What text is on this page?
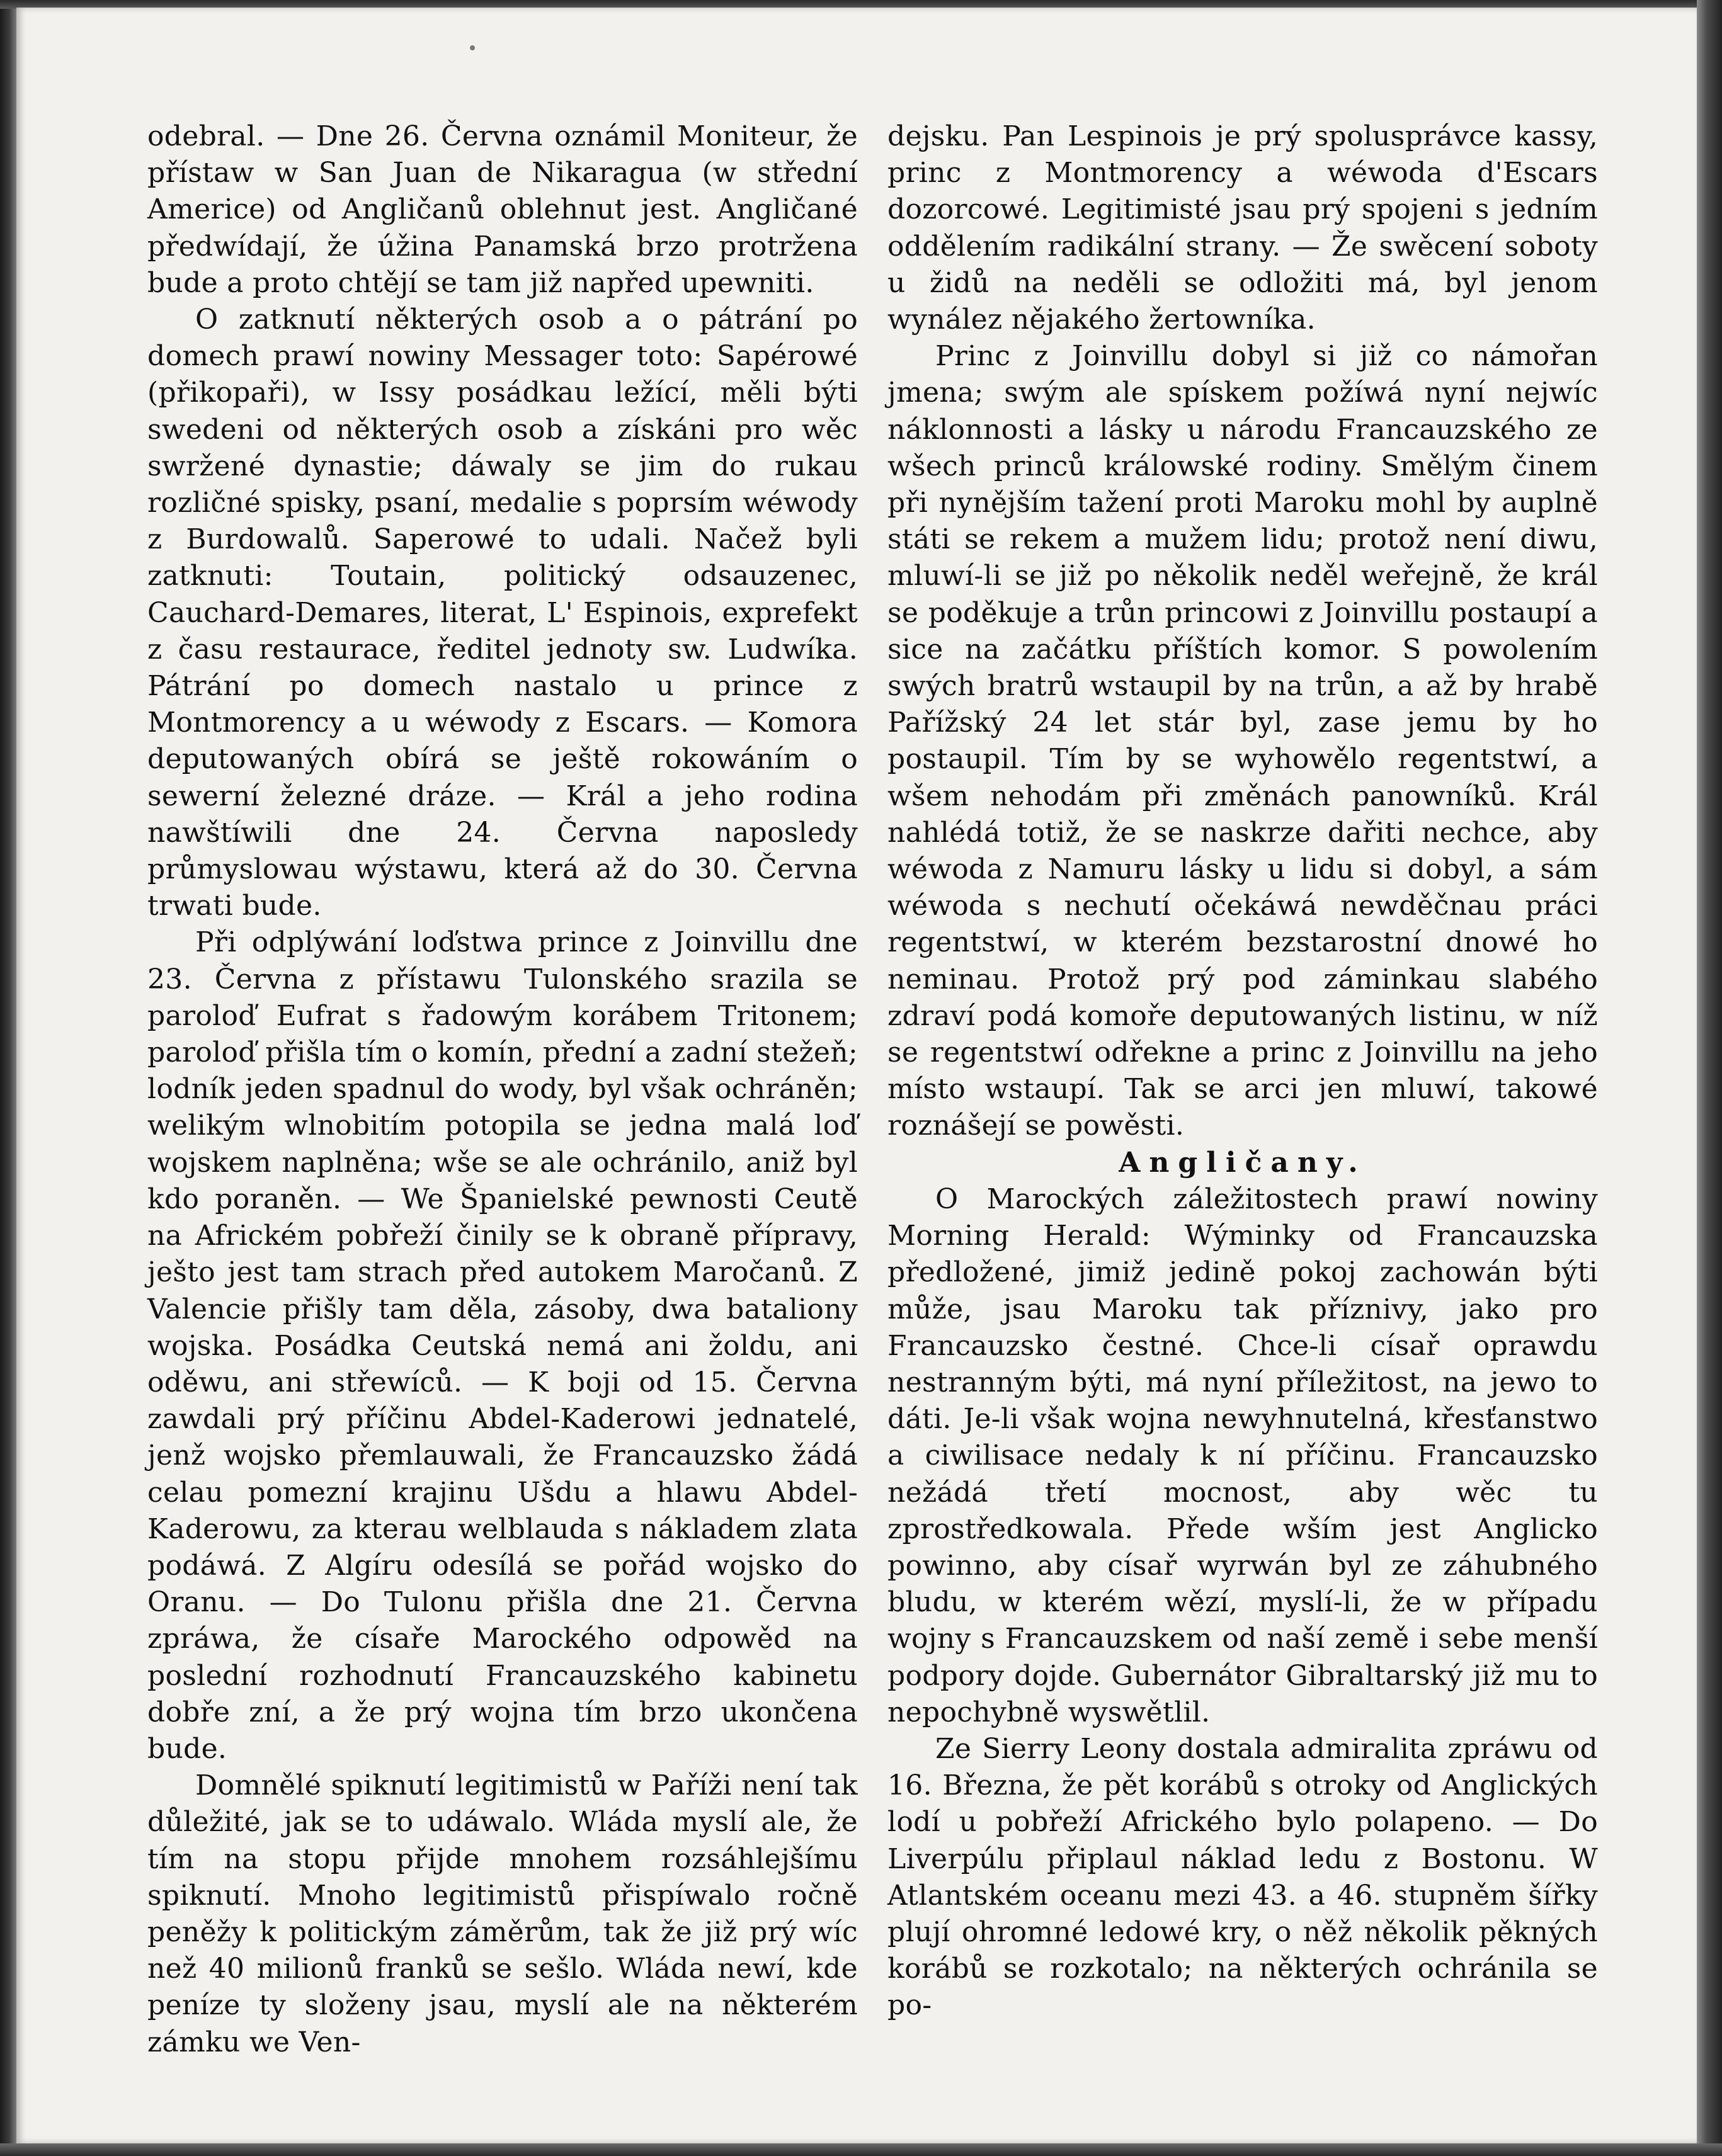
odebral. — Dne 26. Června oznámil Moniteur, že přístaw w San Juan de Nikaragua (w střední Americe) od Angličanů oblehnut jest. Angličané předwídají, že úžina Panamská brzo protržena bude a proto chtějí se tam již napřed upewniti.

O zatknutí některých osob a o pátrání po domech prawí nowiny Messager toto: Sapérowé (přikopaři), w Issy posádkau ležící, měli býti swedeni od některých osob a získáni pro wěc swržené dynastie; dáwaly se jim do rukau rozličné spisky, psaní, medalie s poprsím wéwody z Burdowalů. Saperowé to udali. Načež byli zatknuti: Toutain, politický odsauzenec, Cauchard-Demares, literat, L' Espinois, exprefekt z času restaurace, ředitel jednoty sw. Ludwíka. Pátrání po domech nastalo u princе z Montmorency a u wéwody z Escars. — Komora deputowaných obírá se ještě rokowáním o sewerní železné dráze. — Král a jeho rodina nawštíwili dne 24. Června naposledy průmyslowau wýstawu, která až do 30. Června trwati bude.

Při odplýwání loďstwa prince z Joinvillu dne 23. Června z přístawu Tulonského srazila se paroloď Eufrat s řadowým korábem Tritonem; paroloď přišla tím o komín, přední a zadní stežeň; lodník jeden spadnul do wody, byl však ochráněn; welikým wlnobitím potopila se jedna malá loď wojskem naplněna; wše se ale ochránilo, aniž byl kdo poraněn. — We Španielské pewnosti Ceutě na Africkém pobřeží činily se k obraně přípravy, ješto jest tam strach před autokem Maročanů. Z Valencie přišly tam děla, zásoby, dwa bataliony wojska. Posádka Ceutská nemá ani žoldu, ani oděwu, ani střewíců. — K boji od 15. Června zawdali prý příčinu Abdel-Kaderowi jednatelé, jenž wojsko přemlauwali, že Francauzsko žádá celau pomezní krajinu Ušdu a hlawu Abdel-Kaderowu, za kterau welblauda s nákladem zlata podáwá. Z Algíru odesílá se pořád wojsko do Oranu. — Do Tulonu přišla dne 21. Června zpráwa, že císaře Marockého odpowěd na poslední rozhodnutí Francauzského kabinetu dobře zní, a že prý wojna tím brzo ukončena bude.

Domnělé spiknutí legitimistů w Paříži není tak důležité, jak se to udáwalo. Wláda myslí ale, že tím na stopu přijde mnohem rozsáhlejšímu spiknutí. Mnoho legitimistů přispíwalo ročně peněžy k politickým záměrům, tak že již prý wíc než 40 milionů franků se sešlo. Wláda newí, kde peníze ty složeny jsau, myslí ale na některém zámku we Ven-

dejsku. Pan Lespinois je prý spolusprávce kassy, princ z Montmorency a wéwoda d'Escars dozorcowé. Legitimisté jsau prý spojeni s jedním oddělením radikální strany. — Že swěcení soboty u židů na neděli se odložiti má, byl jenom wynález nějakého žertowníka.

Princ z Joinvillu dobyl si již co námořan jmena; swým ale spískem požíwá nyní nejwíc náklonnosti a lásky u národu Francauzského ze wšech princů králowské rodiny. Smělým činem při nynějším tažení proti Maroku mohl by auplně státi se rekem a mužem lidu; protož není diwu, mluwí-li se již po několik neděl weřejně, že král se poděkuje a trůn princowi z Joinvillu postaupí a sice na začátku příštích komor. S powolením swých bratrů wstaupil by na trůn, a až by hrabě Pařížský 24 let stár byl, zase jemu by ho postaupil. Tím by se wyhowělo regentstwí, a wšem nehodám při změnách panowníků. Král nahlédá totiž, že se naskrze dařiti nechce, aby wéwoda z Namuru lásky u lidu si dobyl, a sám wéwoda s nechutí očekáwá newděčnau práci regentstwí, w kterém bezstarostní dnowé ho neminau. Protož prý pod záminkau slabého zdraví podá komoře deputowaných listinu, w níž se regentstwí odřekne a princ z Joinvillu na jeho místo wstaupí. Tak se arci jen mluwí, takowé roznášejí se powěsti.

Angličany.

O Marockých záležitostech prawí nowiny Morning Herald: Wýminky od Francauzska předložené, jimiž jedině pokoj zachowán býti může, jsau Maroku tak příznivy, jako pro Francauzsko čestné. Chce-li císař oprawdu nestranným býti, má nyní příležitost, na jewo to dáti. Je-li však wojna newyhnutelná, křesťanstwo a ciwilisace nedaly k ní příčinu. Francauzsko nežádá třetí mocnost, aby wěc tu zprostředkowala. Přede wším jest Anglicko powinno, aby císař wyrwán byl ze záhubného bludu, w kterém wězí, myslí-li, že w případu wojny s Francauzskem od naší země i sebe menší podpory dojde. Gubernátor Gibraltarský již mu to nepochybně wyswětlil.

Ze Sierry Leony dostala admiralita zpráwu od 16. Března, že pět korábů s otroky od Anglických lodí u pobřeží Afrického bylo polapeno. — Do Liverpúlu připlaul náklad ledu z Bostonu. W Atlantském oceanu mezi 43. a 46. stupněm šířky plují ohromné ledowé kry, o něž několik pěkných korábů se rozkotalo; na některých ochránila se po-
